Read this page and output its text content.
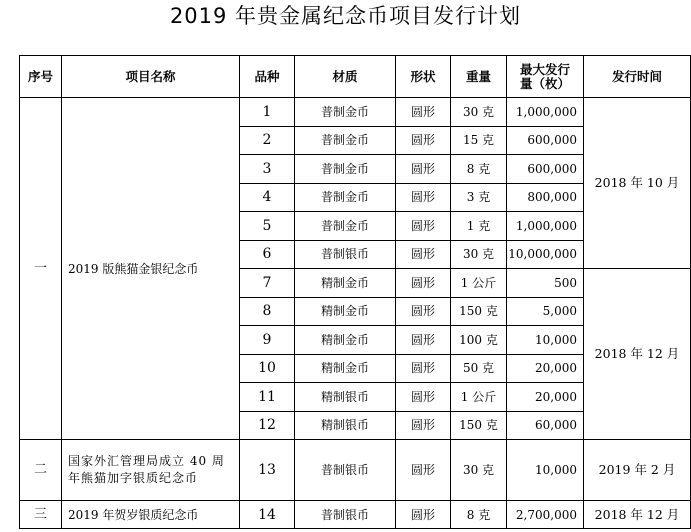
2019 年贵金属纪念币项目发行计划
序号	项目名称	品种	材质	形状	重量	最大发行量（枚）	发行时间
一	2019 版熊猫金银纪念币	1	普制金币	圆形	30 克	1,000,000	2018 年 10 月
		2	普制金币	圆形	15 克	600,000	
		3	普制金币	圆形	8 克	600,000	
		4	普制金币	圆形	3 克	800,000	
		5	普制金币	圆形	1 克	1,000,000	
		6	普制银币	圆形	30 克	10,000,000	
		7	精制金币	圆形	1 公斤	500	2018 年 12 月
		8	精制金币	圆形	150 克	5,000	
		9	精制金币	圆形	100 克	10,000	
		10	精制金币	圆形	50 克	20,000	
		11	精制银币	圆形	1 公斤	20,000	
		12	精制银币	圆形	150 克	60,000	
二	国家外汇管理局成立 40 周年熊猫加字银质纪念币	13	普制银币	圆形	30 克	10,000	2019 年 2 月
三	2019 年贺岁银质纪念币	14	普制银币	圆形	8 克	2,700,000	2018 年 12 月
